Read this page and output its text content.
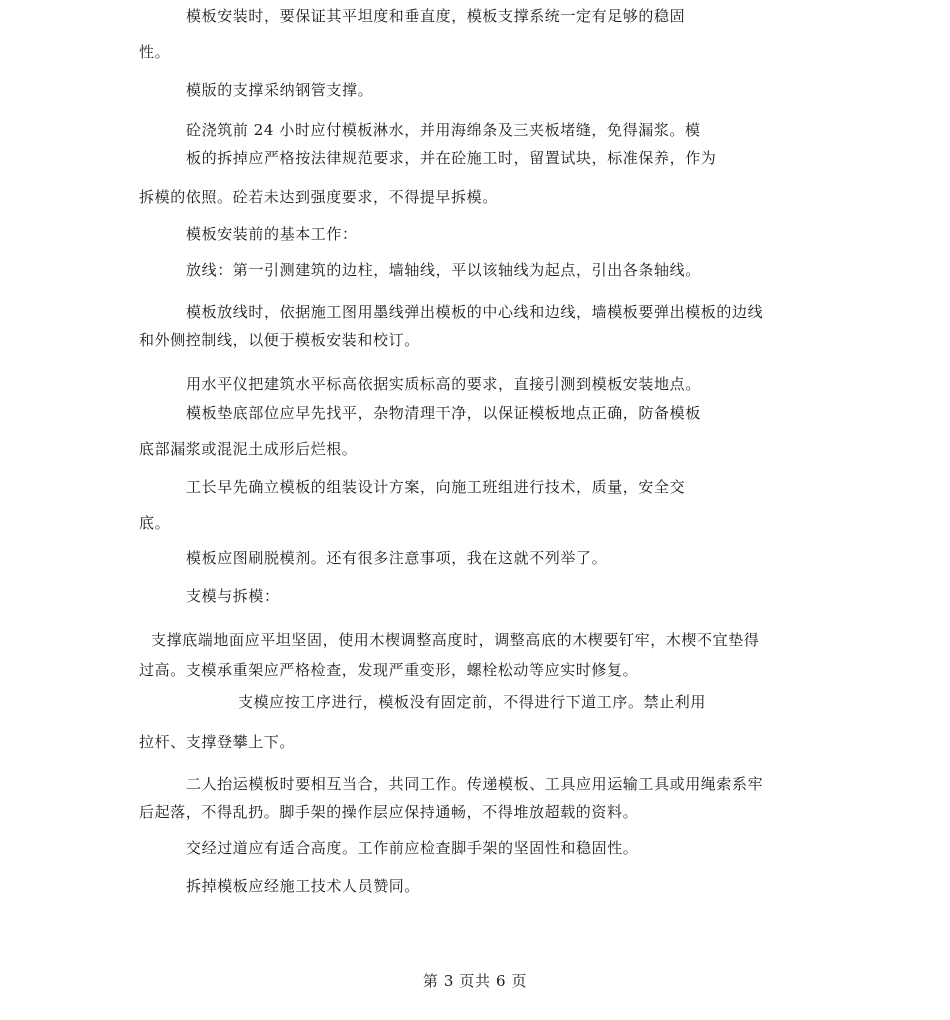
模板安装时，要保证其平坦度和垂直度，模板支撑系统一定有足够的稳固
性。
模版的支撑采纳钢管支撑。
砼浇筑前 24 小时应付模板淋水，并用海绵条及三夹板堵缝，免得漏浆。模
板的拆掉应严格按法律规范要求，并在砼施工时，留置试块，标准保养，作为
拆模的依照。砼若未达到强度要求，不得提早拆模。
模板安装前的基本工作：
放线：第一引测建筑的边柱，墙轴线，平以该轴线为起点，引出各条轴线。
模板放线时，依据施工图用墨线弹出模板的中心线和边线，墙模板要弹出模板的边线
和外侧控制线，以便于模板安装和校订。
用水平仪把建筑水平标高依据实质标高的要求，直接引测到模板安装地点。
模板垫底部位应早先找平，杂物清理干净，以保证模板地点正确，防备模板
底部漏浆或混泥土成形后烂根。
工长早先确立模板的组装设计方案，向施工班组进行技术，质量，安全交
底。
模板应图刷脱模剂。还有很多注意事项，我在这就不列举了。
支模与拆模：
支撑底端地面应平坦坚固，使用木楔调整高度时，调整高底的木楔要钉牢，木楔不宜垫得
过高。支模承重架应严格检查，发现严重变形，螺栓松动等应实时修复。
支模应按工序进行，模板没有固定前，不得进行下道工序。禁止利用
拉杆、支撑登攀上下。
二人抬运模板时要相互当合，共同工作。传递模板、工具应用运输工具或用绳索系牢
后起落，不得乱扔。脚手架的操作层应保持通畅，不得堆放超载的资料。
交经过道应有适合高度。工作前应检查脚手架的坚固性和稳固性。
拆掉模板应经施工技术人员赞同。
第 3 页共 6 页
